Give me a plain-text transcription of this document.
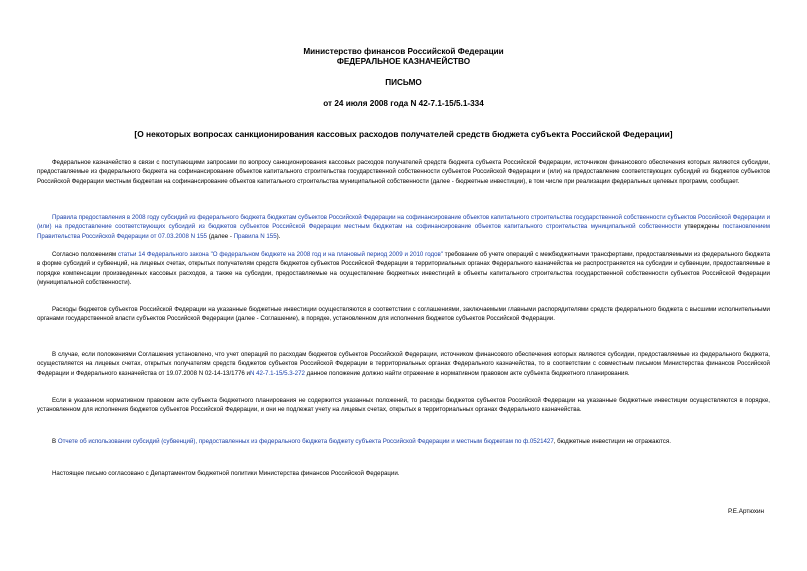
Министерство финансов Российской Федерации
ФЕДЕРАЛЬНОЕ КАЗНАЧЕЙСТВО
ПИСЬМО
от 24 июля 2008 года N 42-7.1-15/5.1-334
[О некоторых вопросах санкционирования кассовых расходов получателей средств бюджета субъекта Российской Федерации]

Федеральное казначейство в связи с поступающими запросами по вопросу санкционирования кассовых расходов получателей средств бюджета субъекта Российской Федерации, источником финансового обеспечения которых являются субсидии, предоставляемые из федерального бюджета на софинансирование объектов капитального строительства государственной собственности субъектов Российской Федерации и (или) на предоставление соответствующих субсидий из бюджетов субъектов Российской Федерации местным бюджетам на софинансирование объектов капитального строительства муниципальной собственности (далее - бюджетные инвестиции), в том числе при реализации федеральных целевых программ, сообщает.

Правила предоставления в 2008 году субсидий из федерального бюджета бюджетам субъектов Российской Федерации на софинансирование объектов капитального строительства государственной собственности субъектов Российской Федерации и (или) на предоставление соответствующих субсидий из бюджетов субъектов Российской Федерации местным бюджетам на софинансирование объектов капитального строительства муниципальной собственности утверждены постановлением Правительства Российской Федерации от 07.03.2008 N 155 (далее - Правила N 155).

Согласно положениям статьи 14 Федерального закона "О федеральном бюджете на 2008 год и на плановый период 2009 и 2010 годов" требование об учете операций с межбюджетными трансфертами, предоставляемыми из федерального бюджета в форме субсидий и субвенций, на лицевых счетах, открытых получателям средств бюджетов субъектов Российской Федерации в территориальных органах Федерального казначейства не распространяется на субсидии и субвенции, предоставляемые в порядке компенсации произведенных кассовых расходов, а также на субсидии, предоставляемые на осуществление бюджетных инвестиций в объекты капитального строительства государственной собственности субъектов Российской Федерации (муниципальной собственности).

Расходы бюджетов субъектов Российской Федерации на указанные бюджетные инвестиции осуществляются в соответствии с соглашениями, заключаемыми главными распорядителями средств федерального бюджета с высшими исполнительными органами государственной власти субъектов Российской Федерации (далее - Соглашение), в порядке, установленном для исполнения бюджетов субъектов Российской Федерации.

В случае, если положениями Соглашения установлено, что учет операций по расходам бюджетов субъектов Российской Федерации, источником финансового обеспечения которых являются субсидии, предоставляемые из федерального бюджета, осуществляется на лицевых счетах, открытых получателям средств бюджетов субъектов Российской Федерации в территориальных органах Федерального казначейства, то в соответствии с совместным письмом Министерства финансов Российской Федерации и Федерального казначейства от 19.07.2008 N 02-14-13/1776 иN 42-7.1-15/5.3-272 данное положение должно найти отражение в нормативном правовом акте субъекта бюджетного планирования.

Если в указанном нормативном правовом акте субъекта бюджетного планирования не содержится указанных положений, то расходы бюджетов субъектов Российской Федерации на указанные бюджетные инвестиции осуществляются в порядке, установленном для исполнения бюджетов субъектов Российской Федерации, и они не подлежат учету на лицевых счетах, открытых в территориальных органах Федерального казначейства.

В Отчете об использовании субсидий (субвенций), предоставленных из федерального бюджета бюджету субъекта Российской Федерации и местным бюджетам по ф.0521427, бюджетные инвестиции не отражаются.

Настоящее письмо согласовано с Департаментом бюджетной политики Министерства финансов Российской Федерации.

Р.Е.Артюхин
